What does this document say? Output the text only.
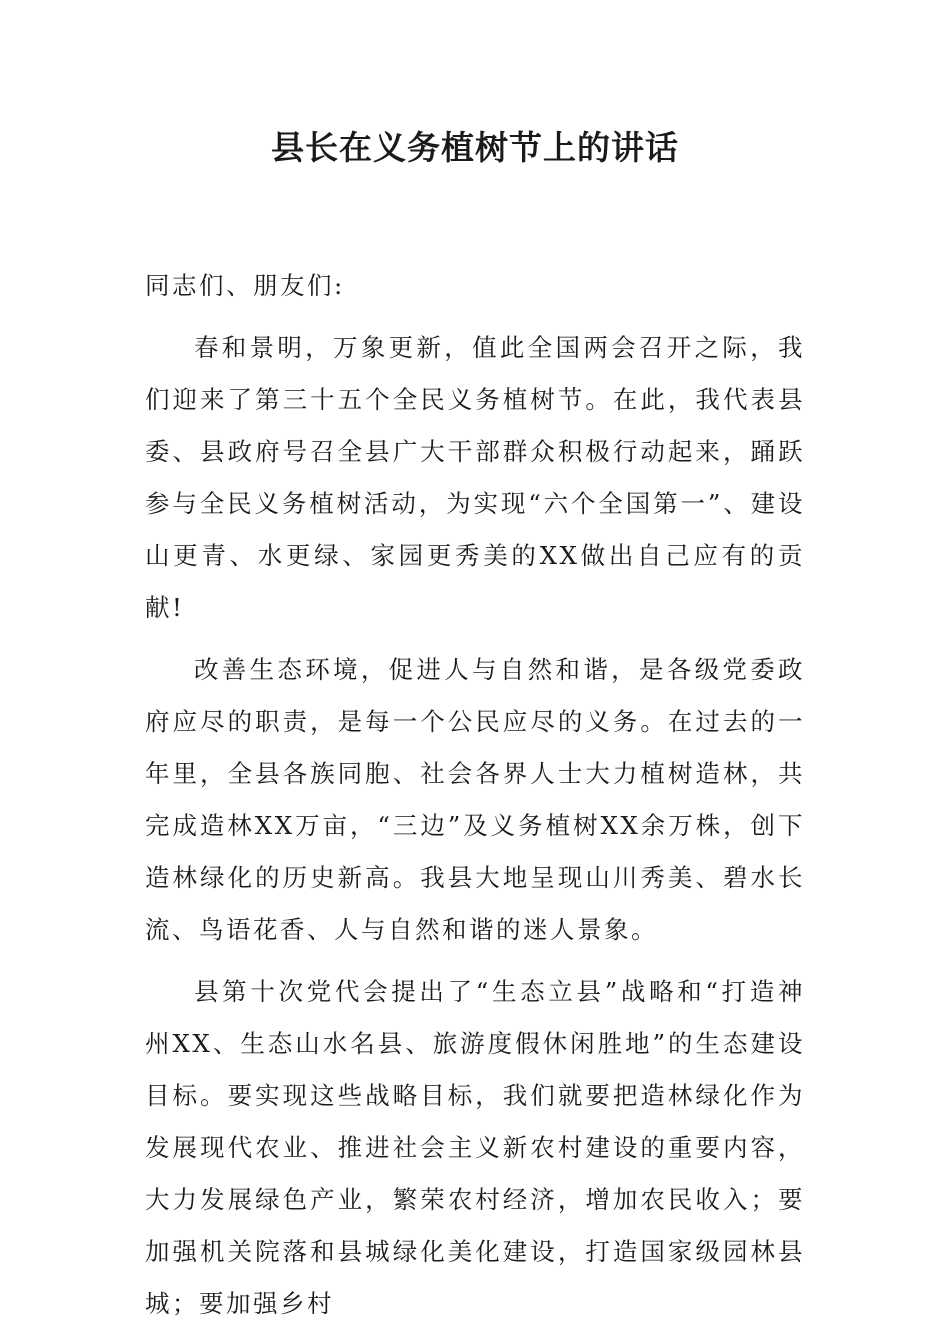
县长在义务植树节上的讲话

同志们、朋友们:

春和景明，万象更新，值此全国两会召开之际，我们迎来了第三十五个全民义务植树节。在此，我代表县委、县政府号召全县广大干部群众积极行动起来，踊跃参与全民义务植树活动，为实现“六个全国第一”、建设山更青、水更绿、家园更秀美的XX做出自己应有的贡献!

改善生态环境，促进人与自然和谐，是各级党委政府应尽的职责，是每一个公民应尽的义务。在过去的一年里，全县各族同胞、社会各界人士大力植树造林，共完成造林XX万亩，“三边”及义务植树XX余万株，创下造林绿化的历史新高。我县大地呈现山川秀美、碧水长流、鸟语花香、人与自然和谐的迷人景象。

县第十次党代会提出了“生态立县”战略和“打造神州XX、生态山水名县、旅游度假休闲胜地”的生态建设目标。要实现这些战略目标，我们就要把造林绿化作为发展现代农业、推进社会主义新农村建设的重要内容，大力发展绿色产业，繁荣农村经济，增加农民收入；要加强机关院落和县城绿化美化建设，打造国家级园林县城；要加强乡村
